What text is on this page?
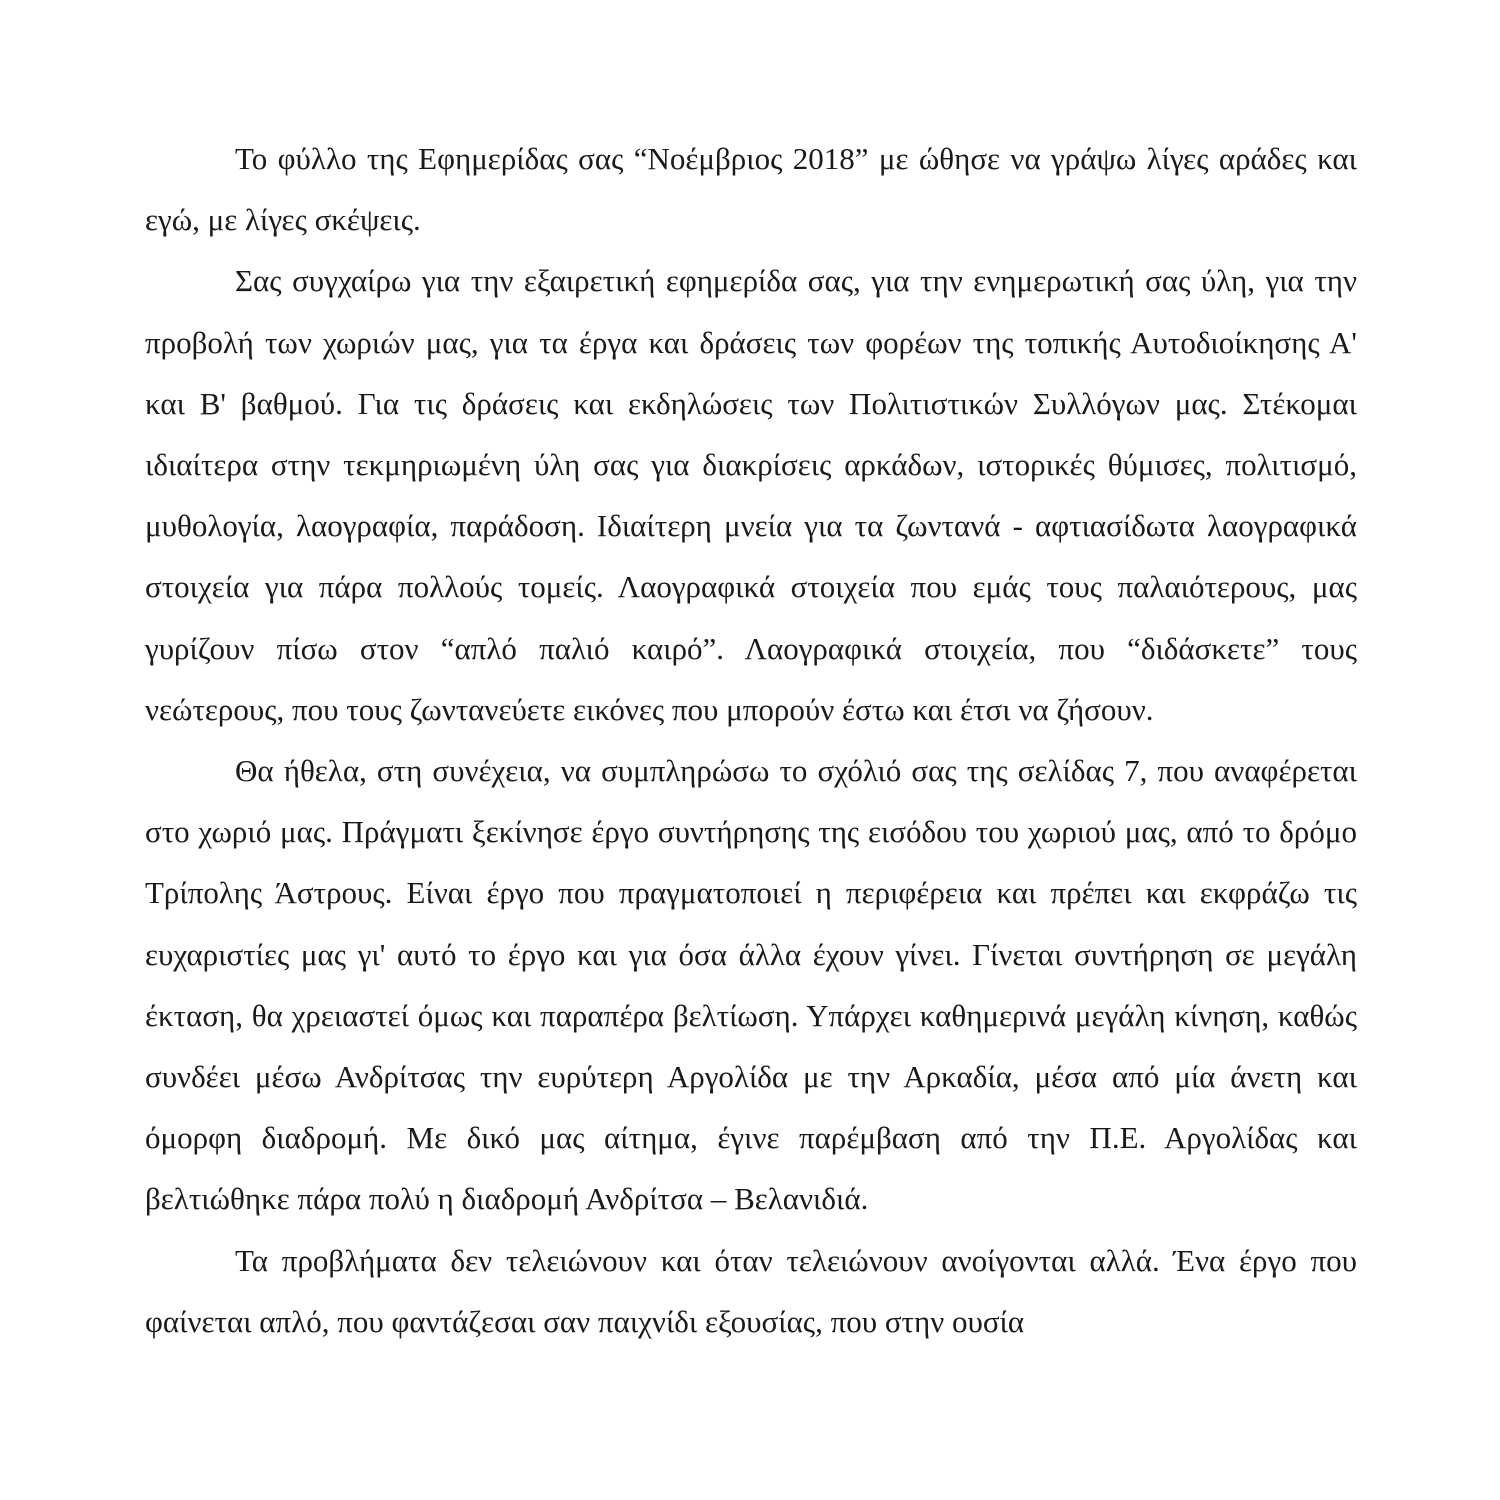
Το φύλλο της Εφημερίδας σας “Νοέμβριος 2018” με ώθησε να γράψω λίγες αράδες και εγώ, με λίγες σκέψεις.

Σας συγχαίρω για την εξαιρετική εφημερίδα σας, για την ενημερωτική σας ύλη, για την προβολή των χωριών μας, για τα έργα και δράσεις των φορέων της τοπικής Αυτοδιοίκησης Α' και Β' βαθμού. Για τις δράσεις και εκδηλώσεις των Πολιτιστικών Συλλόγων μας. Στέκομαι ιδιαίτερα στην τεκμηριωμένη ύλη σας για διακρίσεις αρκάδων, ιστορικές θύμισες, πολιτισμό, μυθολογία, λαογραφία, παράδοση. Ιδιαίτερη μνεία για τα ζωντανά - αφτιασίδωτα λαογραφικά στοιχεία για πάρα πολλούς τομείς. Λαογραφικά στοιχεία που εμάς τους παλαιότερους, μας γυρίζουν πίσω στον “απλό παλιό καιρό”. Λαογραφικά στοιχεία, που “διδάσκετε” τους νεώτερους, που τους ζωντανεύετε εικόνες που μπορούν έστω και έτσι να ζήσουν.

Θα ήθελα, στη συνέχεια, να συμπληρώσω το σχόλιό σας της σελίδας 7, που αναφέρεται στο χωριό μας. Πράγματι ξεκίνησε έργο συντήρησης της εισόδου του χωριού μας, από το δρόμο Τρίπολης Άστρους. Είναι έργο που πραγματοποιεί η περιφέρεια και πρέπει και εκφράζω τις ευχαριστίες μας γι' αυτό το έργο και για όσα άλλα έχουν γίνει. Γίνεται συντήρηση σε μεγάλη έκταση, θα χρειαστεί όμως και παραπέρα βελτίωση. Υπάρχει καθημερινά μεγάλη κίνηση, καθώς συνδέει μέσω Ανδρίτσας την ευρύτερη Αργολίδα με την Αρκαδία, μέσα από μία άνετη και όμορφη διαδρομή. Με δικό μας αίτημα, έγινε παρέμβαση από την Π.Ε. Αργολίδας και βελτιώθηκε πάρα πολύ η διαδρομή Ανδρίτσα – Βελανιδιά.

Τα προβλήματα δεν τελειώνουν και όταν τελειώνουν ανοίγονται αλλά. Ένα έργο που φαίνεται απλό, που φαντάζεσαι σαν παιχνίδι εξουσίας, που στην ουσία
